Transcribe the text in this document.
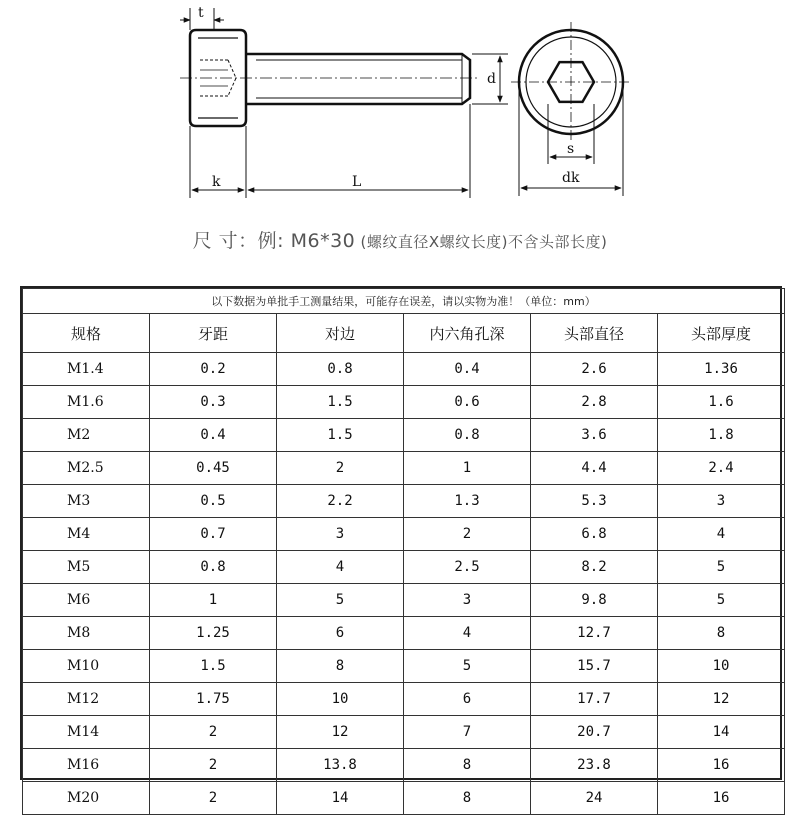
t
k	L
d
s
dk
尺 寸：例: M6*30 (螺纹直径X螺纹长度)不含头部长度)
以下数据为单批手工测量结果，可能存在误差，请以实物为准！（单位：mm）					
规格	牙距	对边	内六角孔深	头部直径	头部厚度
M1.4	0.2	0.8	0.4	2.6	1.36
M1.6	0.3	1.5	0.6	2.8	1.6
M2	0.4	1.5	0.8	3.6	1.8
M2.5	0.45	2	1	4.4	2.4
M3	0.5	2.2	1.3	5.3	3
M4	0.7	3	2	6.8	4
M5	0.8	4	2.5	8.2	5
M6	1	5	3	9.8	5
M8	1.25	6	4	12.7	8
M10	1.5	8	5	15.7	10
M12	1.75	10	6	17.7	12
M14	2	12	7	20.7	14
M16	2	13.8	8	23.8	16
M20	2	14	8	24	16
